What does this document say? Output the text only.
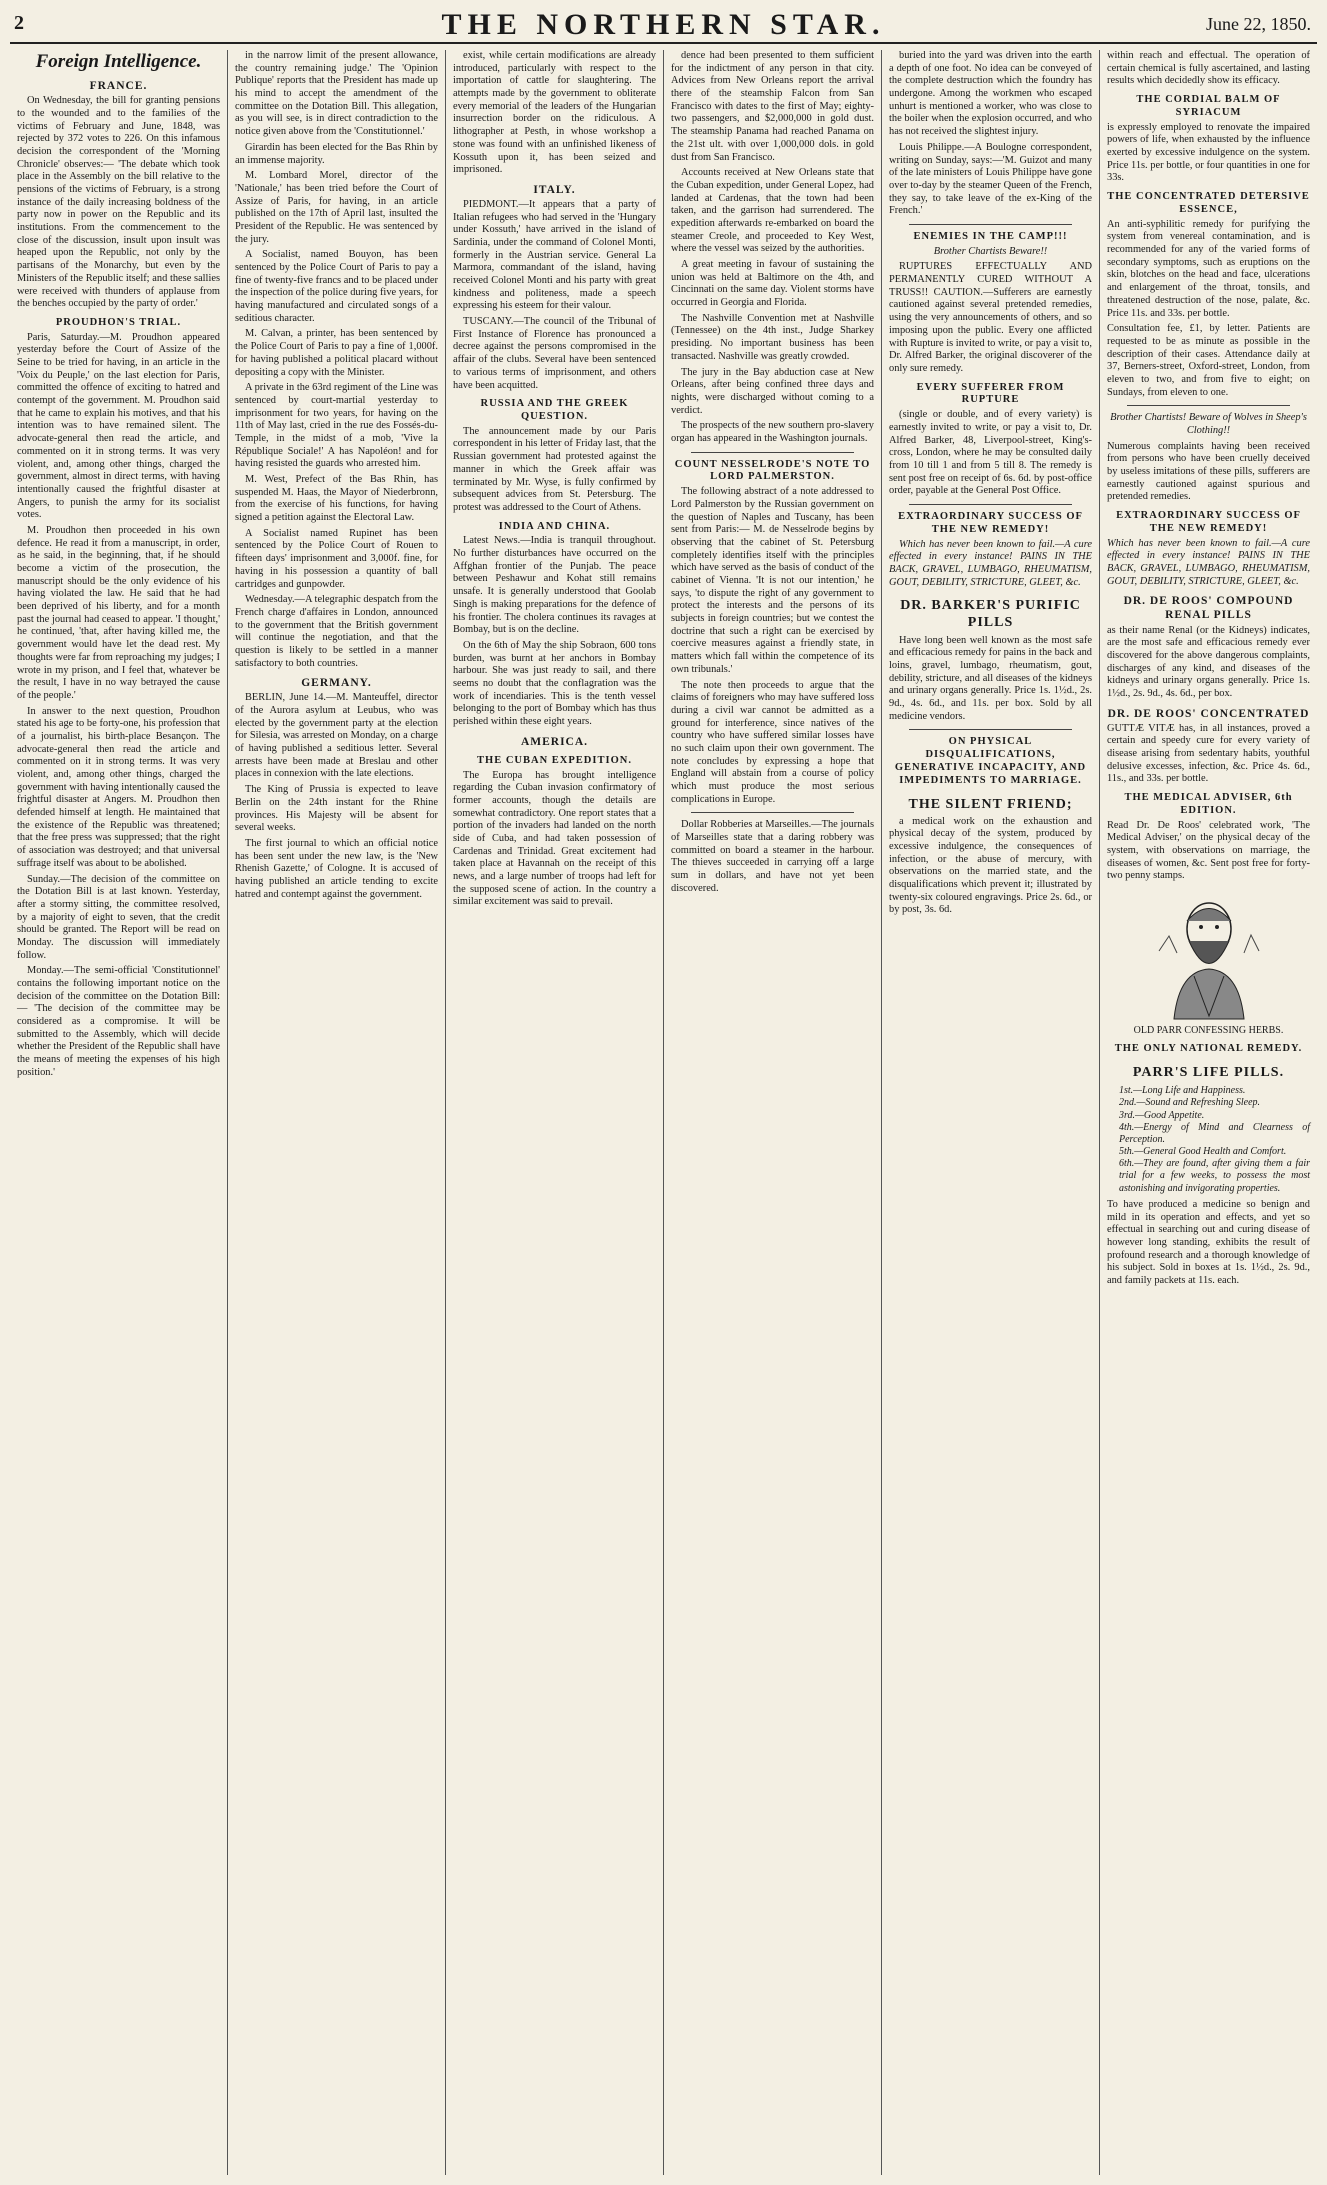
2	THE NORTHERN STAR.	June 22, 1850.
Foreign Intelligence.
FRANCE.

On Wednesday, the bill for granting pensions to the wounded and to the families of the victims of February and June, 1848, was rejected by 372 votes to 226. On this infamous decision the correspondent of the 'Morning Chronicle' observes:— 'The debate which took place in the Assembly on the bill relative to the pensions of the victims of February, is a strong instance of the daily increasing boldness of the party now in power on the Republic and its institutions. From the commencement to the close of the discussion, insult upon insult was heaped upon the Republic, not only by the partisans of the Monarchy, but even by the Ministers of the Republic itself; and these sallies were received with thunders of applause from the benches occupied by the party of order.'

PROUDHON'S TRIAL.

Paris, Saturday.—M. Proudhon appeared yesterday before the Court of Assize of the Seine to be tried for having, in an article in the 'Voix du Peuple,' on the last election for Paris, committed the offence of exciting to hatred and contempt of the government. M. Proudhon said that he came to explain his motives, and that his intention was to have remained silent. The advocate-general then read the article, and commented on it in strong terms. It was very violent, and, among other things, charged the government, almost in direct terms, with having intentionally caused the frightful disaster at Angers, to punish the army for its socialist votes.

M. Proudhon then proceeded in his own defence. He read it from a manuscript, in order, as he said, in the beginning, that, if he should become a victim of the prosecution, the manuscript should be the only evidence of his having violated the law. He said that he had been deprived of his liberty, and for a month past the journal had ceased to appear. 'I thought,' he continued, 'that, after having killed me, the government would have let the dead rest. My thoughts were far from reproaching my judges; I wrote in my prison, and I feel that, whatever be the result, I have in no way betrayed the cause of the people.'

In answer to the next question, Proudhon stated his age to be forty-one, his profession that of a journalist, his birth-place Besançon. The advocate-general then read the article and commented on it in strong terms. It was very violent, and, among other things, charged the government with having intentionally caused the frightful disaster at Angers. M. Proudhon then defended himself at length. He maintained that the existence of the Republic was threatened; that the free press was suppressed; that the right of association was destroyed; and that universal suffrage itself was about to be abolished.

Sunday.—The decision of the committee on the Dotation Bill is at last known. Yesterday, after a stormy sitting, the committee resolved, by a majority of eight to seven, that the credit should be granted. The Report will be read on Monday. The discussion will immediately follow.

Monday.—The semi-official 'Constitutionnel' contains the following important notice on the decision of the committee on the Dotation Bill:— 'The decision of the committee may be considered as a compromise. It will be submitted to the Assembly, which will decide whether the President of the Republic shall have the means of meeting the expenses of his high position.'

in the narrow limit of the present allowance, the country remaining judge.' The 'Opinion Publique' reports that the President has made up his mind to accept the amendment of the committee on the Dotation Bill. This allegation, as you will see, is in direct contradiction to the notice given above from the 'Constitutionnel.'

Girardin has been elected for the Bas Rhin by an immense majority.

M. Lombard Morel, director of the 'Nationale,' has been tried before the Court of Assize of Paris, for having, in an article published on the 17th of April last, insulted the President of the Republic. He was sentenced by the jury.

A Socialist, named Bouyon, has been sentenced by the Police Court of Paris to pay a fine of twenty-five francs and to be placed under the inspection of the police during five years, for having manufactured and circulated songs of a seditious character.

M. Calvan, a printer, has been sentenced by the Police Court of Paris to pay a fine of 1,000f. for having published a political placard without depositing a copy with the Minister.

A private in the 63rd regiment of the Line was sentenced by court-martial yesterday to imprisonment for two years, for having on the 11th of May last, cried in the rue des Fossés-du-Temple, in the midst of a mob, 'Vive la République Sociale!' A has Napoléon! and for having resisted the guards who arrested him.

M. West, Prefect of the Bas Rhin, has suspended M. Haas, the Mayor of Niederbronn, from the exercise of his functions, for having signed a petition against the Electoral Law.

A Socialist named Rupinet has been sentenced by the Police Court of Rouen to fifteen days' imprisonment and 3,000f. fine, for having in his possession a quantity of ball cartridges and gunpowder.

Wednesday.—A telegraphic despatch from the French charge d'affaires in London, announced to the government that the British government will continue the negotiation, and that the question is likely to be settled in a manner satisfactory to both countries.

GERMANY.

BERLIN, June 14.—M. Manteuffel, director of the Aurora asylum at Leubus, who was elected by the government party at the election for Silesia, was arrested on Monday, on a charge of having published a seditious letter. Several arrests have been made at Breslau and other places in connexion with the late elections.

The King of Prussia is expected to leave Berlin on the 24th instant for the Rhine provinces. His Majesty will be absent for several weeks.

The first journal to which an official notice has been sent under the new law, is the 'New Rhenish Gazette,' of Cologne. It is accused of having published an article tending to excite hatred and contempt against the government.

exist, while certain modifications are already introduced, particularly with respect to the importation of cattle for slaughtering. The attempts made by the government to obliterate every memorial of the leaders of the Hungarian insurrection border on the ridiculous. A lithographer at Pesth, in whose workshop a stone was found with an unfinished likeness of Kossuth upon it, has been seized and imprisoned.

ITALY.

PIEDMONT.—It appears that a party of Italian refugees who had served in the 'Hungary under Kossuth,' have arrived in the island of Sardinia, under the command of Colonel Monti, formerly in the Austrian service. General La Marmora, commandant of the island, having received Colonel Monti and his party with great kindness and politeness, made a speech expressing his esteem for their valour.

TUSCANY.—The council of the Tribunal of First Instance of Florence has pronounced a decree against the persons compromised in the affair of the clubs. Several have been sentenced to various terms of imprisonment, and others have been acquitted.

RUSSIA AND THE GREEK QUESTION.

The announcement made by our Paris correspondent in his letter of Friday last, that the Russian government had protested against the manner in which the Greek affair was terminated by Mr. Wyse, is fully confirmed by subsequent advices from St. Petersburg. The protest was addressed to the Court of Athens.

INDIA AND CHINA.

Latest News.—India is tranquil throughout. No further disturbances have occurred on the Affghan frontier of the Punjab. The peace between Peshawur and Kohat still remains unsafe. It is generally understood that Goolab Singh is making preparations for the defence of his frontier. The cholera continues its ravages at Bombay, but is on the decline.

On the 6th of May the ship Sobraon, 600 tons burden, was burnt at her anchors in Bombay harbour. She was just ready to sail, and there seems no doubt that the conflagration was the work of incendiaries. This is the tenth vessel belonging to the port of Bombay which has thus perished within these eight years.

AMERICA.
THE CUBAN EXPEDITION.

The Europa has brought intelligence regarding the Cuban invasion confirmatory of former accounts, though the details are somewhat contradictory. One report states that a portion of the invaders had landed on the north side of Cuba, and had taken possession of Cardenas and Trinidad. Great excitement had taken place at Havannah on the receipt of this news, and a large number of troops had left for the supposed scene of action. In the country a similar excitement was said to prevail.

dence had been presented to them sufficient for the indictment of any person in that city. Advices from New Orleans report the arrival there of the steamship Falcon from San Francisco with dates to the first of May; eighty-two passengers, and $2,000,000 in gold dust. The steamship Panama had reached Panama on the 21st ult. with over 1,000,000 dols. in gold dust from San Francisco.

Accounts received at New Orleans state that the Cuban expedition, under General Lopez, had landed at Cardenas, that the town had been taken, and the garrison had surrendered. The expedition afterwards re-embarked on board the steamer Creole, and proceeded to Key West, where the vessel was seized by the authorities.

A great meeting in favour of sustaining the union was held at Baltimore on the 4th, and Cincinnati on the same day. Violent storms have occurred in Georgia and Florida.

The Nashville Convention met at Nashville (Tennessee) on the 4th inst., Judge Sharkey presiding. No important business has been transacted. Nashville was greatly crowded.

The jury in the Bay abduction case at New Orleans, after being confined three days and nights, were discharged without coming to a verdict.

The prospects of the new southern pro-slavery organ has appeared in the Washington journals.

COUNT NESSELRODE'S NOTE TO LORD PALMERSTON.

The following abstract of a note addressed to Lord Palmerston by the Russian government on the question of Naples and Tuscany, has been sent from Paris:— M. de Nesselrode begins by observing that the cabinet of St. Petersburg completely identifies itself with the principles which have served as the basis of conduct of the cabinet of Vienna. 'It is not our intention,' he says, 'to dispute the right of any government to protect the interests and the persons of its subjects in foreign countries; but we contest the doctrine that such a right can be exercised by coercive measures against a friendly state, in matters which fall within the competence of its own tribunals.'

The note then proceeds to argue that the claims of foreigners who may have suffered loss during a civil war cannot be admitted as a ground for interference, since natives of the country who have suffered similar losses have no such claim upon their own government. The note concludes by expressing a hope that England will abstain from a course of policy which must produce the most serious complications in Europe.

Dollar Robberies at Marseilles.—The journals of Marseilles state that a daring robbery was committed on board a steamer in the harbour. The thieves succeeded in carrying off a large sum in dollars, and have not yet been discovered.

buried into the yard was driven into the earth a depth of one foot. No idea can be conveyed of the complete destruction which the foundry has undergone. Among the workmen who escaped unhurt is mentioned a worker, who was close to the boiler when the explosion occurred, and who has not received the slightest injury.

Louis Philippe.—A Boulogne correspondent, writing on Sunday, says:—'M. Guizot and many of the late ministers of Louis Philippe have gone over to-day by the steamer Queen of the French, they say, to take leave of the ex-King of the French.'

ENEMIES IN THE CAMP!!!

Brother Chartists Beware!!

RUPTURES EFFECTUALLY AND PERMANENTLY CURED WITHOUT A TRUSS!! CAUTION.—Sufferers are earnestly cautioned against several pretended remedies, using the very announcements of others, and so imposing upon the public. Every one afflicted with Rupture is invited to write, or pay a visit to, Dr. Alfred Barker, the original discoverer of the only sure remedy.

EVERY SUFFERER FROM RUPTURE

(single or double, and of every variety) is earnestly invited to write, or pay a visit to, Dr. Alfred Barker, 48, Liverpool-street, King's-cross, London, where he may be consulted daily from 10 till 1 and from 5 till 8. The remedy is sent post free on receipt of 6s. 6d. by post-office order, payable at the General Post Office.

EXTRAORDINARY SUCCESS OF THE NEW REMEDY!

Which has never been known to fail.—A cure effected in every instance! PAINS IN THE BACK, GRAVEL, LUMBAGO, RHEUMATISM, GOUT, DEBILITY, STRICTURE, GLEET, &c.

DR. BARKER'S PURIFIC PILLS

Have long been well known as the most safe and efficacious remedy for pains in the back and loins, gravel, lumbago, rheumatism, gout, debility, stricture, and all diseases of the kidneys and urinary organs generally. Price 1s. 1½d., 2s. 9d., 4s. 6d., and 11s. per box. Sold by all medicine vendors.

ON PHYSICAL DISQUALIFICATIONS, GENERATIVE INCAPACITY, AND IMPEDIMENTS TO MARRIAGE.
THE SILENT FRIEND;

a medical work on the exhaustion and physical decay of the system, produced by excessive indulgence, the consequences of infection, or the abuse of mercury, with observations on the married state, and the disqualifications which prevent it; illustrated by twenty-six coloured engravings. Price 2s. 6d., or by post, 3s. 6d.

within reach and effectual. The operation of certain chemical is fully ascertained, and lasting results which decidedly show its efficacy.

THE CORDIAL BALM OF SYRIACUM

is expressly employed to renovate the impaired powers of life, when exhausted by the influence exerted by excessive indulgence on the system. Price 11s. per bottle, or four quantities in one for 33s.

THE CONCENTRATED DETERSIVE ESSENCE,

An anti-syphilitic remedy for purifying the system from venereal contamination, and is recommended for any of the varied forms of secondary symptoms, such as eruptions on the skin, blotches on the head and face, ulcerations and enlargement of the throat, tonsils, and threatened destruction of the nose, palate, &c. Price 11s. and 33s. per bottle.

Consultation fee, £1, by letter. Patients are requested to be as minute as possible in the description of their cases. Attendance daily at 37, Berners-street, Oxford-street, London, from eleven to two, and from five to eight; on Sundays, from eleven to one.

Brother Chartists! Beware of Wolves in Sheep's Clothing!!

Numerous complaints having been received from persons who have been cruelly deceived by useless imitations of these pills, sufferers are earnestly cautioned against spurious and pretended remedies.

EXTRAORDINARY SUCCESS OF THE NEW REMEDY!

Which has never been known to fail.—A cure effected in every instance! PAINS IN THE BACK, GRAVEL, LUMBAGO, RHEUMATISM, GOUT, DEBILITY, STRICTURE, GLEET, &c.

DR. DE ROOS' COMPOUND RENAL PILLS

as their name Renal (or the Kidneys) indicates, are the most safe and efficacious remedy ever discovered for the above dangerous complaints, discharges of any kind, and diseases of the kidneys and urinary organs generally. Price 1s. 1½d., 2s. 9d., 4s. 6d., per box.

DR. DE ROOS' CONCENTRATED

GUTTÆ VITÆ has, in all instances, proved a certain and speedy cure for every variety of disease arising from sedentary habits, youthful delusive excesses, infection, &c. Price 4s. 6d., 11s., and 33s. per bottle.

THE MEDICAL ADVISER, 6th EDITION.

Read Dr. De Roos' celebrated work, 'The Medical Adviser,' on the physical decay of the system, with observations on marriage, the diseases of women, &c. Sent post free for forty-two penny stamps.

OLD PARR CONFESSING HERBS.

THE ONLY NATIONAL REMEDY.
PARR'S LIFE PILLS.
1st.—Long Life and Happiness.
2nd.—Sound and Refreshing Sleep.
3rd.—Good Appetite.
4th.—Energy of Mind and Clearness of Perception.
5th.—General Good Health and Comfort.
6th.—They are found, after giving them a fair trial for a few weeks, to possess the most astonishing and invigorating properties.

To have produced a medicine so benign and mild in its operation and effects, and yet so effectual in searching out and curing disease of however long standing, exhibits the result of profound research and a thorough knowledge of his subject. Sold in boxes at 1s. 1½d., 2s. 9d., and family packets at 11s. each.
